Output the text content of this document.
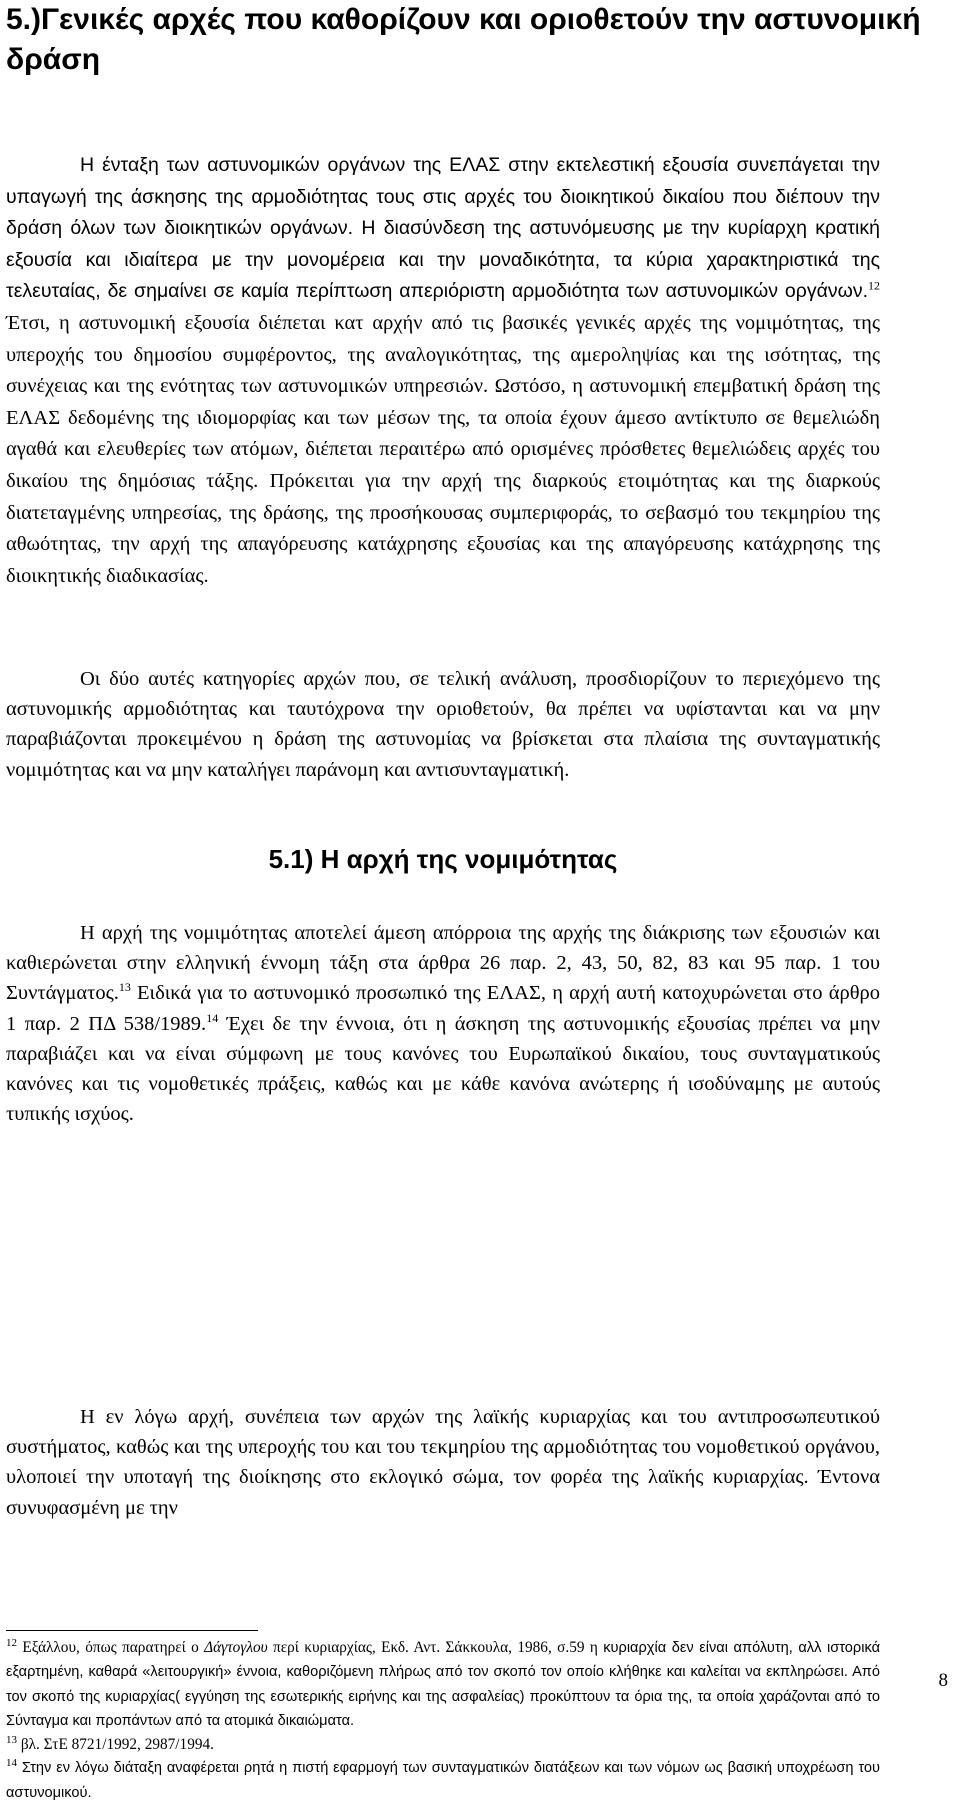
5.)Γενικές αρχές που καθορίζουν και οριοθετούν την αστυνομική δράση

Η ένταξη των αστυνομικών οργάνων της ΕΛΑΣ στην εκτελεστική εξουσία συνεπάγεται την υπαγωγή της άσκησης της αρμοδιότητας τους στις αρχές του διοικητικού δικαίου που διέπουν την δράση όλων των διοικητικών οργάνων. Η διασύνδεση της αστυνόμευσης με την κυρίαρχη κρατική εξουσία και ιδιαίτερα με την μονομέρεια και την μοναδικότητα, τα κύρια χαρακτηριστικά της τελευταίας, δε σημαίνει σε καμία περίπτωση απεριόριστη αρμοδιότητα των αστυνομικών οργάνων.$^{12}$ Έτσι, η αστυνομική εξουσία διέπεται κατ αρχήν από τις βασικές γενικές αρχές της νομιμότητας, της υπεροχής του δημοσίου συμφέροντος, της αναλογικότητας, της αμεροληψίας και της ισότητας, της συνέχειας και της ενότητας των αστυνομικών υπηρεσιών. Ωστόσο, η αστυνομική επεμβατική δράση της ΕΛΑΣ δεδομένης της ιδιομορφίας και των μέσων της, τα οποία έχουν άμεσο αντίκτυπο σε θεμελιώδη αγαθά και ελευθερίες των ατόμων, διέπεται περαιτέρω από ορισμένες πρόσθετες θεμελιώδεις αρχές του δικαίου της δημόσιας τάξης. Πρόκειται για την αρχή της διαρκούς ετοιμότητας και της διαρκούς διατεταγμένης υπηρεσίας, της δράσης, της προσήκουσας συμπεριφοράς, το σεβασμό του τεκμηρίου της αθωότητας, την αρχή της απαγόρευσης κατάχρησης εξουσίας και της απαγόρευσης κατάχρησης της διοικητικής διαδικασίας.

Οι δύο αυτές κατηγορίες αρχών που, σε τελική ανάλυση, προσδιορίζουν το περιεχόμενο της αστυνομικής αρμοδιότητας και ταυτόχρονα την οριοθετούν, θα πρέπει να υφίστανται και να μην παραβιάζονται προκειμένου η δράση της αστυνομίας να βρίσκεται στα πλαίσια της συνταγματικής νομιμότητας και να μην καταλήγει παράνομη και αντισυνταγματική.

5.1) Η αρχή της νομιμότητας

Η αρχή της νομιμότητας αποτελεί άμεση απόρροια της αρχής της διάκρισης των εξουσιών και καθιερώνεται στην ελληνική έννομη τάξη στα άρθρα 26 παρ. 2, 43, 50, 82, 83 και 95 παρ. 1 του Συντάγματος.$^{13}$ Ειδικά για το αστυνομικό προσωπικό της ΕΛΑΣ, η αρχή αυτή κατοχυρώνεται στο άρθρο 1 παρ. 2 ΠΔ 538/1989.14 Έχει δε την έννοια, ότι η άσκηση της αστυνομικής εξουσίας πρέπει να μην παραβιάζει και να είναι σύμφωνη με τους κανόνες του Ευρωπαϊκού δικαίου, τους συνταγματικούς κανόνες και τις νομοθετικές πράξεις, καθώς και με κάθε κανόνα ανώτερης ή ισοδύναμης με αυτούς τυπικής ισχύος.

Η εν λόγω αρχή, συνέπεια των αρχών της λαϊκής κυριαρχίας και του αντιπροσωπευτικού συστήματος, καθώς και της υπεροχής του και του τεκμηρίου της αρμοδιότητας του νομοθετικού οργάνου, υλοποιεί την υποταγή της διοίκησης στο εκλογικό σώμα, τον φορέα της λαϊκής κυριαρχίας. Έντονα συνυφασμένη με την

$^{12}$ Εξάλλου, όπως παρατηρεί ο Δάγτογλου περί κυριαρχίας, Εκδ. Αντ. Σάκκουλα, 1986, σ.59 η κυριαρχία δεν είναι απόλυτη, αλλ ιστορικά εξαρτημένη, καθαρά «λειτουργική» έννοια, καθοριζόμενη πλήρως από τον σκοπό τον οποίο κλήθηκε και καλείται να εκπληρώσει. Από τον σκοπό της κυριαρχίας( εγγύηση της εσωτερικής ειρήνης και της ασφαλείας) προκύπτουν τα όρια της, τα οποία χαράζονται από το Σύνταγμα και προπάντων από τα ατομικά δικαιώματα.

$^{13}$ βλ. ΣτΕ 8721/1992, 2987/1994.

$^{14}$ Στην εν λόγω διάταξη αναφέρεται ρητά η πιστή εφαρμογή των συνταγματικών διατάξεων και των νόμων ως βασική υποχρέωση του αστυνομικού.

8
